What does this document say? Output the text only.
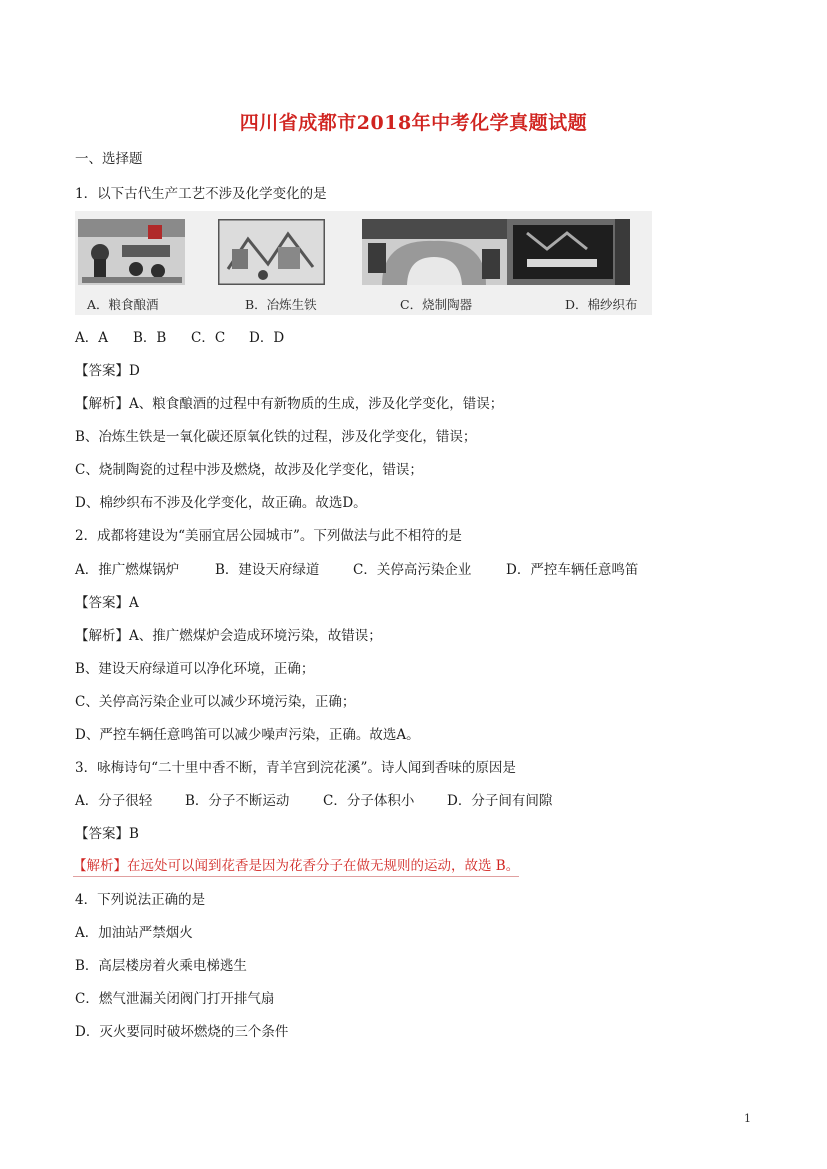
四川省成都市2018年中考化学真题试题
一、选择题
1．以下古代生产工艺不涉及化学变化的是
A．粮食酿酒	B．冶炼生铁	C．烧制陶器	D．棉纱织布
A．A B．B C．C D．D
【答案】D
【解析】A、粮食酿酒的过程中有新物质的生成，涉及化学变化，错误；
B、冶炼生铁是一氧化碳还原氧化铁的过程，涉及化学变化，错误；
C、烧制陶瓷的过程中涉及燃烧，故涉及化学变化，错误；
D、棉纱织布不涉及化学变化，故正确。故选D。
2．成都将建设为“美丽宜居公园城市”。下列做法与此不相符的是
A．推广燃煤锅炉	B．建设天府绿道 C．关停高污染企业	D．严控车辆任意鸣笛
【答案】A
【解析】A、推广燃煤炉会造成环境污染，故错误；
B、建设天府绿道可以净化环境，正确；
C、关停高污染企业可以减少环境污染，正确；
D、严控车辆任意鸣笛可以减少噪声污染，正确。故选A。
3．咏梅诗句“二十里中香不断，青羊宫到浣花溪”。诗人闻到香味的原因是
A．分子很轻 B．分子不断运动 C．分子体积小 D．分子间有间隙
【答案】B
【解析】在远处可以闻到花香是因为花香分子在做无规则的运动，故选 B。
4．下列说法正确的是
A．加油站严禁烟火
B．高层楼房着火乘电梯逃生
C．燃气泄漏关闭阀门打开排气扇
D．灭火要同时破坏燃烧的三个条件
1
